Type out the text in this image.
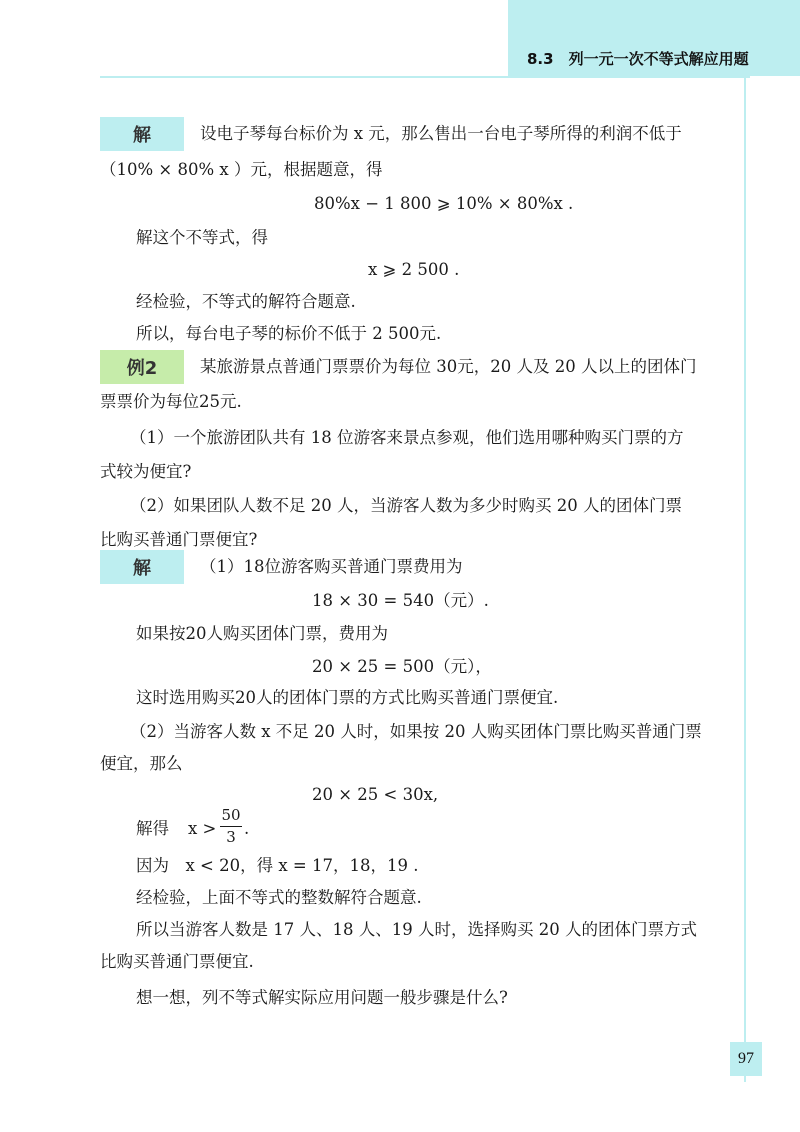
8.3　列一元一次不等式解应用题
解	设电子琴每台标价为 x 元，那么售出一台电子琴所得的利润不低于
（10% × 80% x ）元，根据题意，得
80%x − 1 800 ⩾ 10% × 80%x .
解这个不等式，得
x ⩾ 2 500 .
经检验，不等式的解符合题意.
所以，每台电子琴的标价不低于 2 500元.
例2	某旅游景点普通门票票价为每位 30元，20 人及 20 人以上的团体门
票票价为每位25元.
（1）一个旅游团队共有 18 位游客来景点参观，他们选用哪种购买门票的方
式较为便宜?
（2）如果团队人数不足 20 人，当游客人数为多少时购买 20 人的团体门票
比购买普通门票便宜?
解	（1）18位游客购买普通门票费用为
18 × 30 = 540（元）.
如果按20人购买团体门票，费用为
20 × 25 = 500（元），
这时选用购买20人的团体门票的方式比购买普通门票便宜.
（2）当游客人数 x 不足 20 人时，如果按 20 人购买团体门票比购买普通门票
便宜，那么
20 × 25 < 30x,
解得 x >
50
3 .
因为　x < 20，得 x = 17，18，19 .
经检验，上面不等式的整数解符合题意.
所以当游客人数是 17 人、18 人、19 人时，选择购买 20 人的团体门票方式
比购买普通门票便宜.
想一想，列不等式解实际应用问题一般步骤是什么?
97
